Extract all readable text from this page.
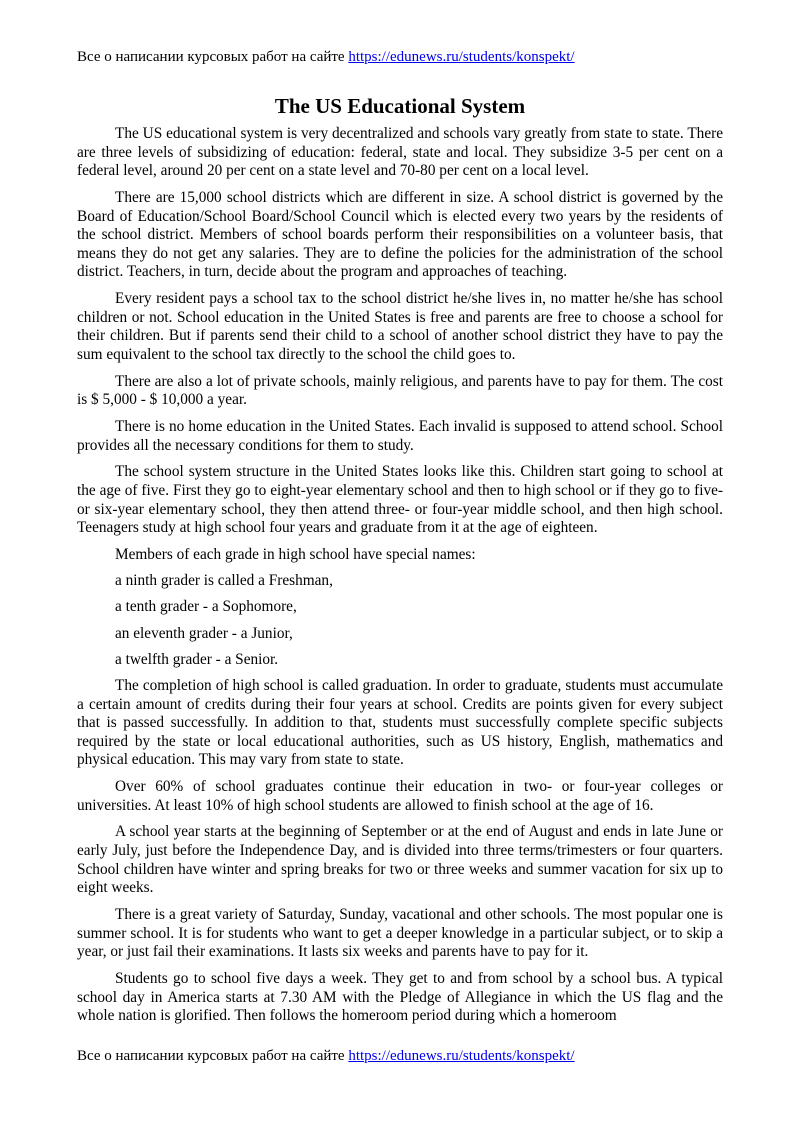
Все о написании курсовых работ на сайте https://edunews.ru/students/konspekt/
The US Educational System

The US educational system is very decentralized and schools vary greatly from state to state. There are three levels of subsidizing of education: federal, state and local. They subsidize 3-5 per cent on a federal level, around 20 per cent on a state level and 70-80 per cent on a local level.

There are 15,000 school districts which are different in size. A school district is governed by the Board of Education/School Board/School Council which is elected every two years by the residents of the school district. Members of school boards perform their responsibilities on a volunteer basis, that means they do not get any salaries. They are to define the policies for the administration of the school district. Teachers, in turn, decide about the program and approaches of teaching.

Every resident pays a school tax to the school district he/she lives in, no matter he/she has school children or not. School education in the United States is free and parents are free to choose a school for their children. But if parents send their child to a school of another school district they have to pay the sum equivalent to the school tax directly to the school the child goes to.

There are also a lot of private schools, mainly religious, and parents have to pay for them. The cost is $ 5,000 - $ 10,000 a year.

There is no home education in the United States. Each invalid is supposed to attend school. School provides all the necessary conditions for them to study.

The school system structure in the United States looks like this. Children start going to school at the age of five. First they go to eight-year elementary school and then to high school or if they go to five- or six-year elementary school, they then attend three- or four-year middle school, and then high school. Teenagers study at high school four years and graduate from it at the age of eighteen.

Members of each grade in high school have special names:

a ninth grader is called a Freshman,

a tenth grader - a Sophomore,

an eleventh grader - a Junior,

a twelfth grader - a Senior.

The completion of high school is called graduation. In order to graduate, students must accumulate a certain amount of credits during their four years at school. Credits are points given for every subject that is passed successfully. In addition to that, students must successfully complete specific subjects required by the state or local educational authorities, such as US history, English, mathematics and physical education. This may vary from state to state.

Over 60% of school graduates continue their education in two- or four-year colleges or universities. At least 10% of high school students are allowed to finish school at the age of 16.

A school year starts at the beginning of September or at the end of August and ends in late June or early July, just before the Independence Day, and is divided into three terms/trimesters or four quarters. School children have winter and spring breaks for two or three weeks and summer vacation for six up to eight weeks.

There is a great variety of Saturday, Sunday, vacational and other schools. The most popular one is summer school. It is for students who want to get a deeper knowledge in a particular subject, or to skip a year, or just fail their examinations. It lasts six weeks and parents have to pay for it.

Students go to school five days a week. They get to and from school by a school bus. A typical school day in America starts at 7.30 AM with the Pledge of Allegiance in which the US flag and the whole nation is glorified. Then follows the homeroom period during which a homeroom

Все о написании курсовых работ на сайте https://edunews.ru/students/konspekt/
